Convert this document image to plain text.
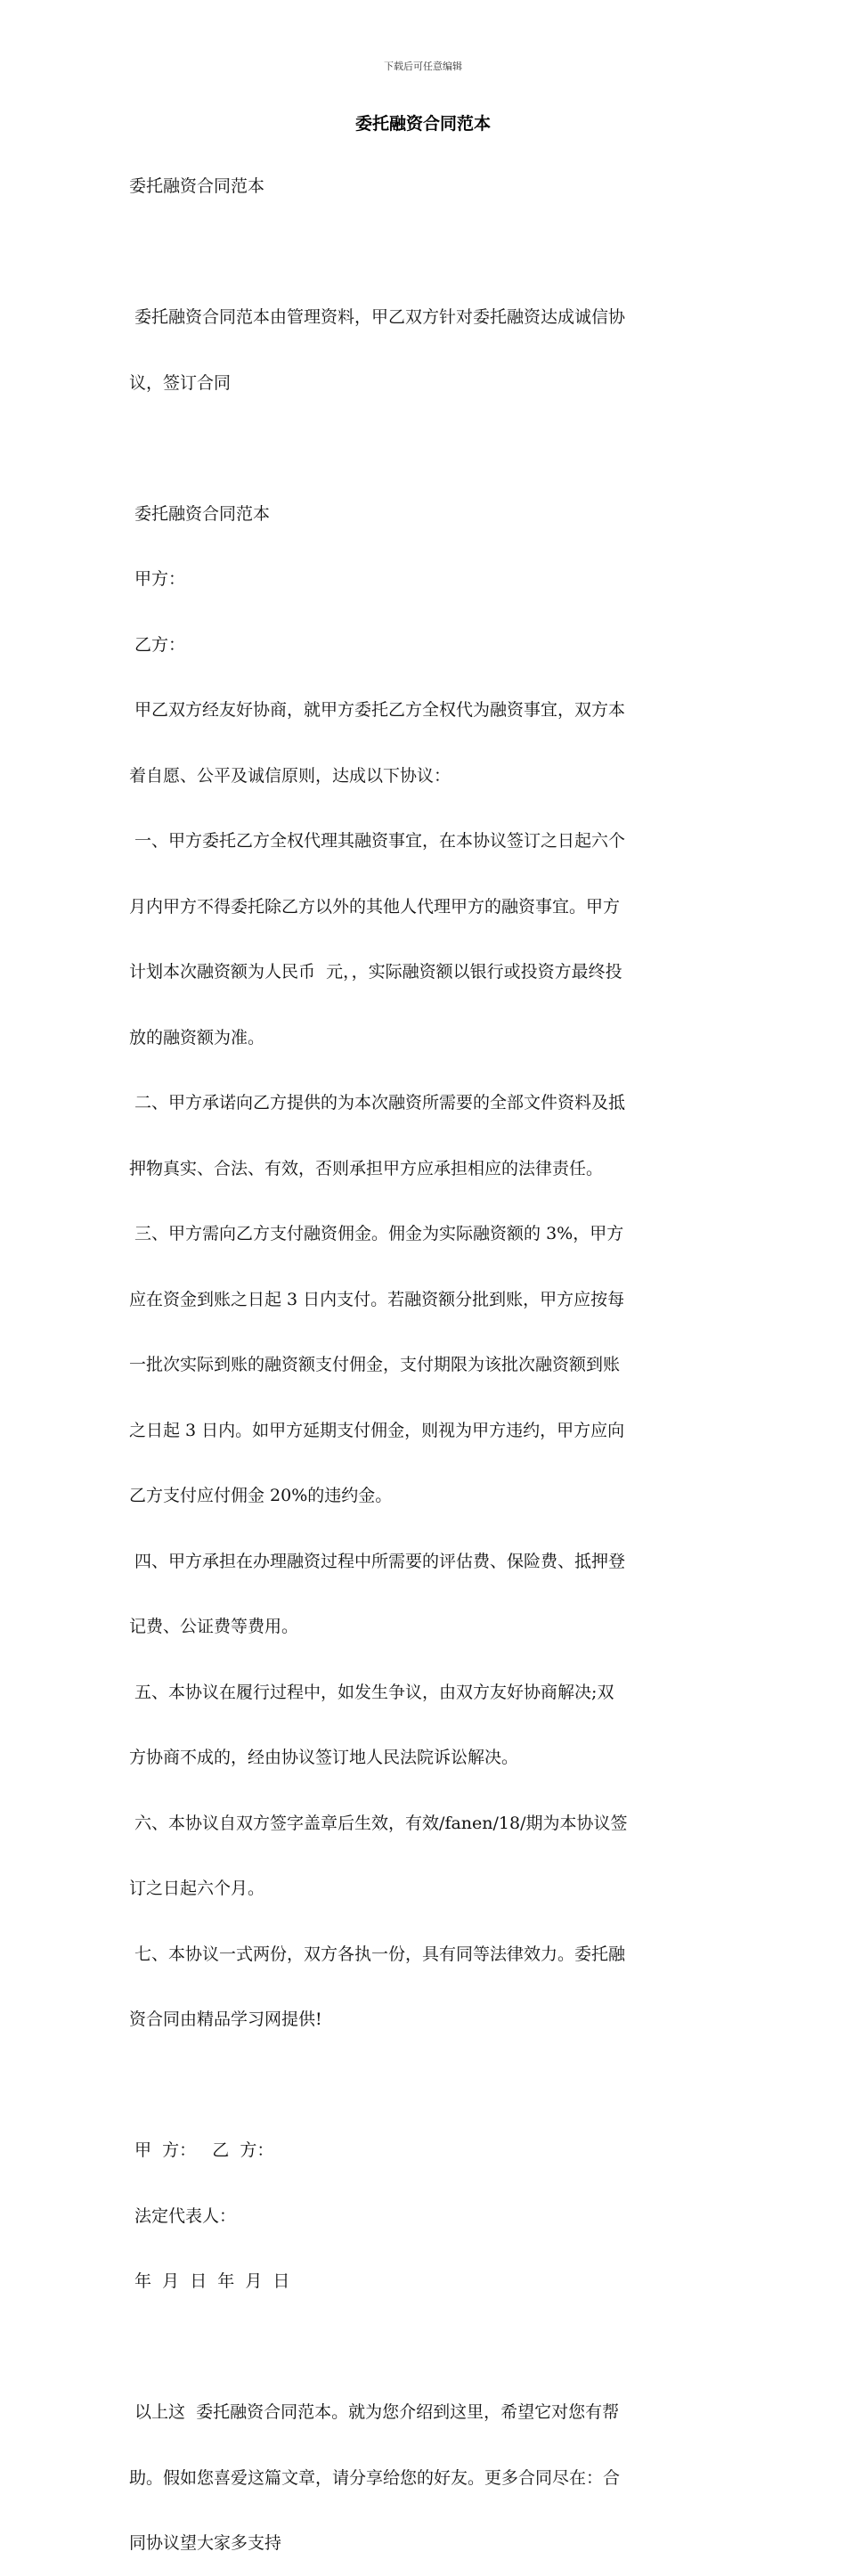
下载后可任意编辑
委托融资合同范本

委托融资合同范本

委托融资合同范本由管理资料，甲乙双方针对委托融资达成诚信协

议，签订合同

委托融资合同范本

甲方：

乙方：

甲乙双方经友好协商，就甲方委托乙方全权代为融资事宜，双方本

着自愿、公平及诚信原则，达成以下协议：

一、甲方委托乙方全权代理其融资事宜，在本协议签订之日起六个

月内甲方不得委托除乙方以外的其他人代理甲方的融资事宜。甲方

计划本次融资额为人民币  元，，实际融资额以银行或投资方最终投

放的融资额为准。

二、甲方承诺向乙方提供的为本次融资所需要的全部文件资料及抵

押物真实、合法、有效，否则承担甲方应承担相应的法律责任。

三、甲方需向乙方支付融资佣金。佣金为实际融资额的 3%，甲方

应在资金到账之日起 3 日内支付。若融资额分批到账，甲方应按每

一批次实际到账的融资额支付佣金，支付期限为该批次融资额到账

之日起 3 日内。如甲方延期支付佣金，则视为甲方违约，甲方应向

乙方支付应付佣金 20%的违约金。

四、甲方承担在办理融资过程中所需要的评估费、保险费、抵押登

记费、公证费等费用。

五、本协议在履行过程中，如发生争议，由双方友好协商解决;双

方协商不成的，经由协议签订地人民法院诉讼解决。

六、本协议自双方签字盖章后生效，有效/fanen/18/期为本协议签

订之日起六个月。

七、本协议一式两份，双方各执一份，具有同等法律效力。委托融

资合同由精品学习网提供!

甲  方：   乙  方：

法定代表人：

年  月  日  年  月  日

以上这  委托融资合同范本。就为您介绍到这里，希望它对您有帮

助。假如您喜爱这篇文章，请分享给您的好友。更多合同尽在：合

同协议望大家多支持
